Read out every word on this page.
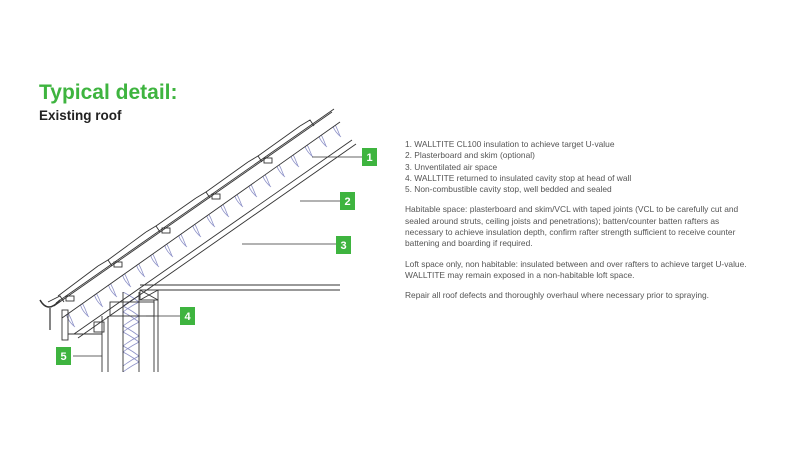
Typical detail:
Existing roof
1
2
3
4
5
1. WALLTITE CL100 insulation to achieve target U-value
2. Plasterboard and skim (optional)
3. Unventilated air space
4. WALLTITE returned to insulated cavity stop at head of wall
5. Non-combustible cavity stop, well bedded and sealed

Habitable space: plasterboard and skim/VCL with taped joints (VCL to be carefully cut and sealed around struts, ceiling joists and penetrations); batten/counter batten rafters as necessary to achieve insulation depth, confirm rafter strength sufficient to receive counter battening and boarding if required.

Loft space only, non habitable: insulated between and over rafters to achieve target U-value. WALLTITE may remain exposed in a non-habitable loft space.

Repair all roof defects and thoroughly overhaul where necessary prior to spraying.
